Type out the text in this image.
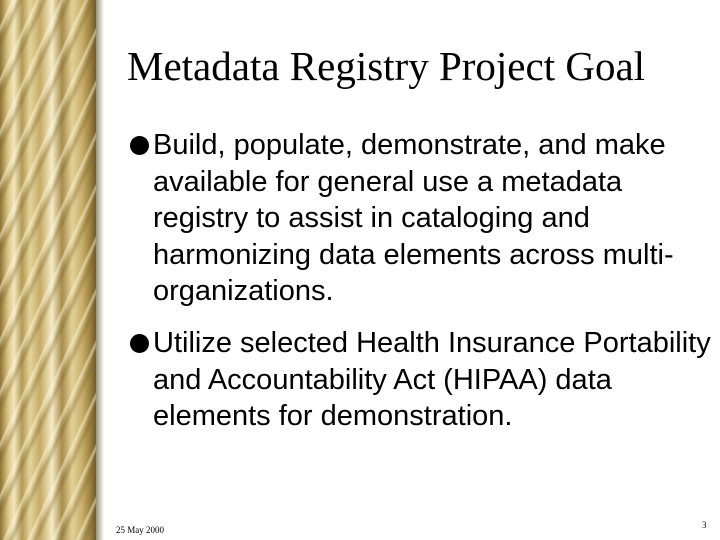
Metadata Registry Project Goal
Build, populate, demonstrate, and make available for general use a metadata registry to assist in cataloging and harmonizing data elements across multi-organizations.
Utilize selected Health Insurance Portability and Accountability Act (HIPAA) data elements for demonstration.
25 May 2000	3
